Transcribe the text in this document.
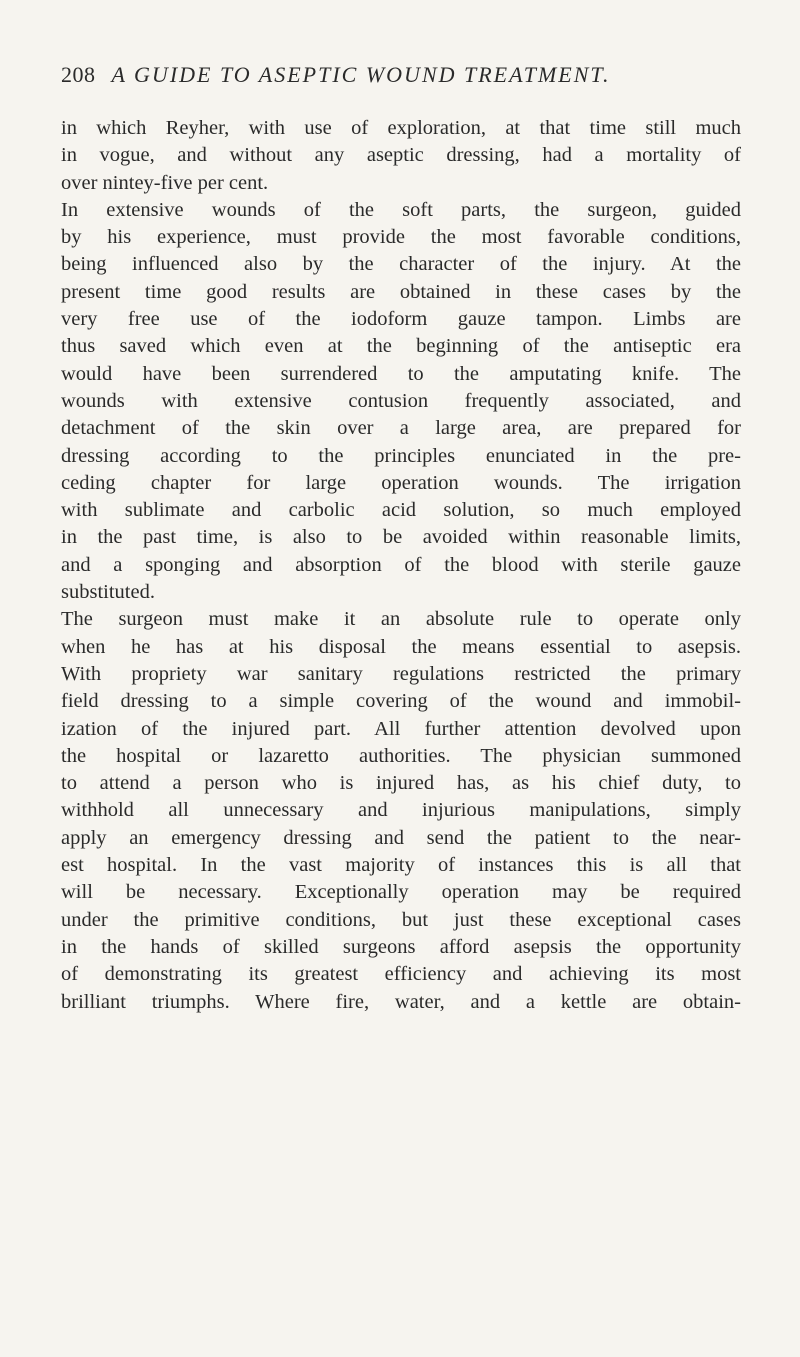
208 A GUIDE TO ASEPTIC WOUND TREATMENT.
in which Reyher, with use of exploration, at that time still much
in vogue, and without any aseptic dressing, had a mortality of
over nintey-five per cent.
In extensive wounds of the soft parts, the surgeon, guided
by his experience, must provide the most favorable conditions,
being influenced also by the character of the injury. At the
present time good results are obtained in these cases by the
very free use of the iodoform gauze tampon. Limbs are
thus saved which even at the beginning of the antiseptic era
would have been surrendered to the amputating knife. The
wounds with extensive contusion frequently associated, and
detachment of the skin over a large area, are prepared for
dressing according to the principles enunciated in the pre-
ceding chapter for large operation wounds. The irrigation
with sublimate and carbolic acid solution, so much employed
in the past time, is also to be avoided within reasonable limits,
and a sponging and absorption of the blood with sterile gauze
substituted.
The surgeon must make it an absolute rule to operate only
when he has at his disposal the means essential to asepsis.
With propriety war sanitary regulations restricted the primary
field dressing to a simple covering of the wound and immobil-
ization of the injured part. All further attention devolved upon
the hospital or lazaretto authorities. The physician summoned
to attend a person who is injured has, as his chief duty, to
withhold all unnecessary and injurious manipulations, simply
apply an emergency dressing and send the patient to the near-
est hospital. In the vast majority of instances this is all that
will be necessary. Exceptionally operation may be required
under the primitive conditions, but just these exceptional cases
in the hands of skilled surgeons afford asepsis the opportunity
of demonstrating its greatest efficiency and achieving its most
brilliant triumphs. Where fire, water, and a kettle are obtain-
